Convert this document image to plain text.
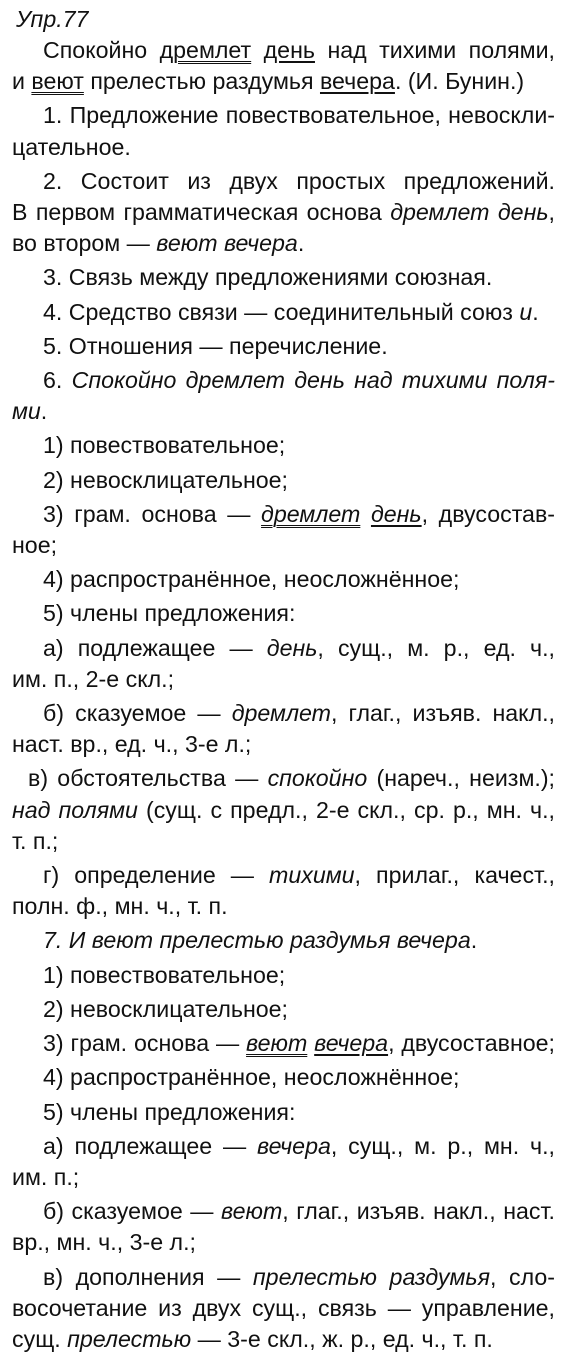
Упр.77
Спокойно дремлет день над тихими полями,
и веют прелестью раздумья вечера. (И. Бунин.)
1. Предложение повествовательное, невоскли-
цательное.
2. Состоит из двух простых предложений.
В первом грамматическая основа дремлет день,
во втором — веют вечера.
3. Связь между предложениями союзная.
4. Средство связи — соединительный союз и.
5. Отношения — перечисление.
6. Спокойно дремлет день над тихими поля-
ми.
1) повествовательное;
2) невосклицательное;
3) грам. основа — дремлет день, двусостав-
ное;
4) распространённое, неосложнённое;
5) члены предложения:
а) подлежащее — день, сущ., м. р., ед. ч.,
им. п., 2-е скл.;
б) сказуемое — дремлет, глаг., изъяв. накл.,
наст. вр., ед. ч., 3-е л.;
в) обстоятельства — спокойно (нареч., неизм.);
над полями (сущ. с предл., 2-е скл., ср. р., мн. ч.,
т. п.;
г) определение — тихими, прилаг., качест.,
полн. ф., мн. ч., т. п.
7. И веют прелестью раздумья вечера.
1) повествовательное;
2) невосклицательное;
3) грам. основа — веют вечера, двусоставное;
4) распространённое, неосложнённое;
5) члены предложения:
а) подлежащее — вечера, сущ., м. р., мн. ч.,
им. п.;
б) сказуемое — веют, глаг., изъяв. накл., наст.
вр., мн. ч., 3-е л.;
в) дополнения — прелестью раздумья, сло-
восочетание из двух сущ., связь — управление,
сущ. прелестью — 3-е скл., ж. р., ед. ч., т. п.
